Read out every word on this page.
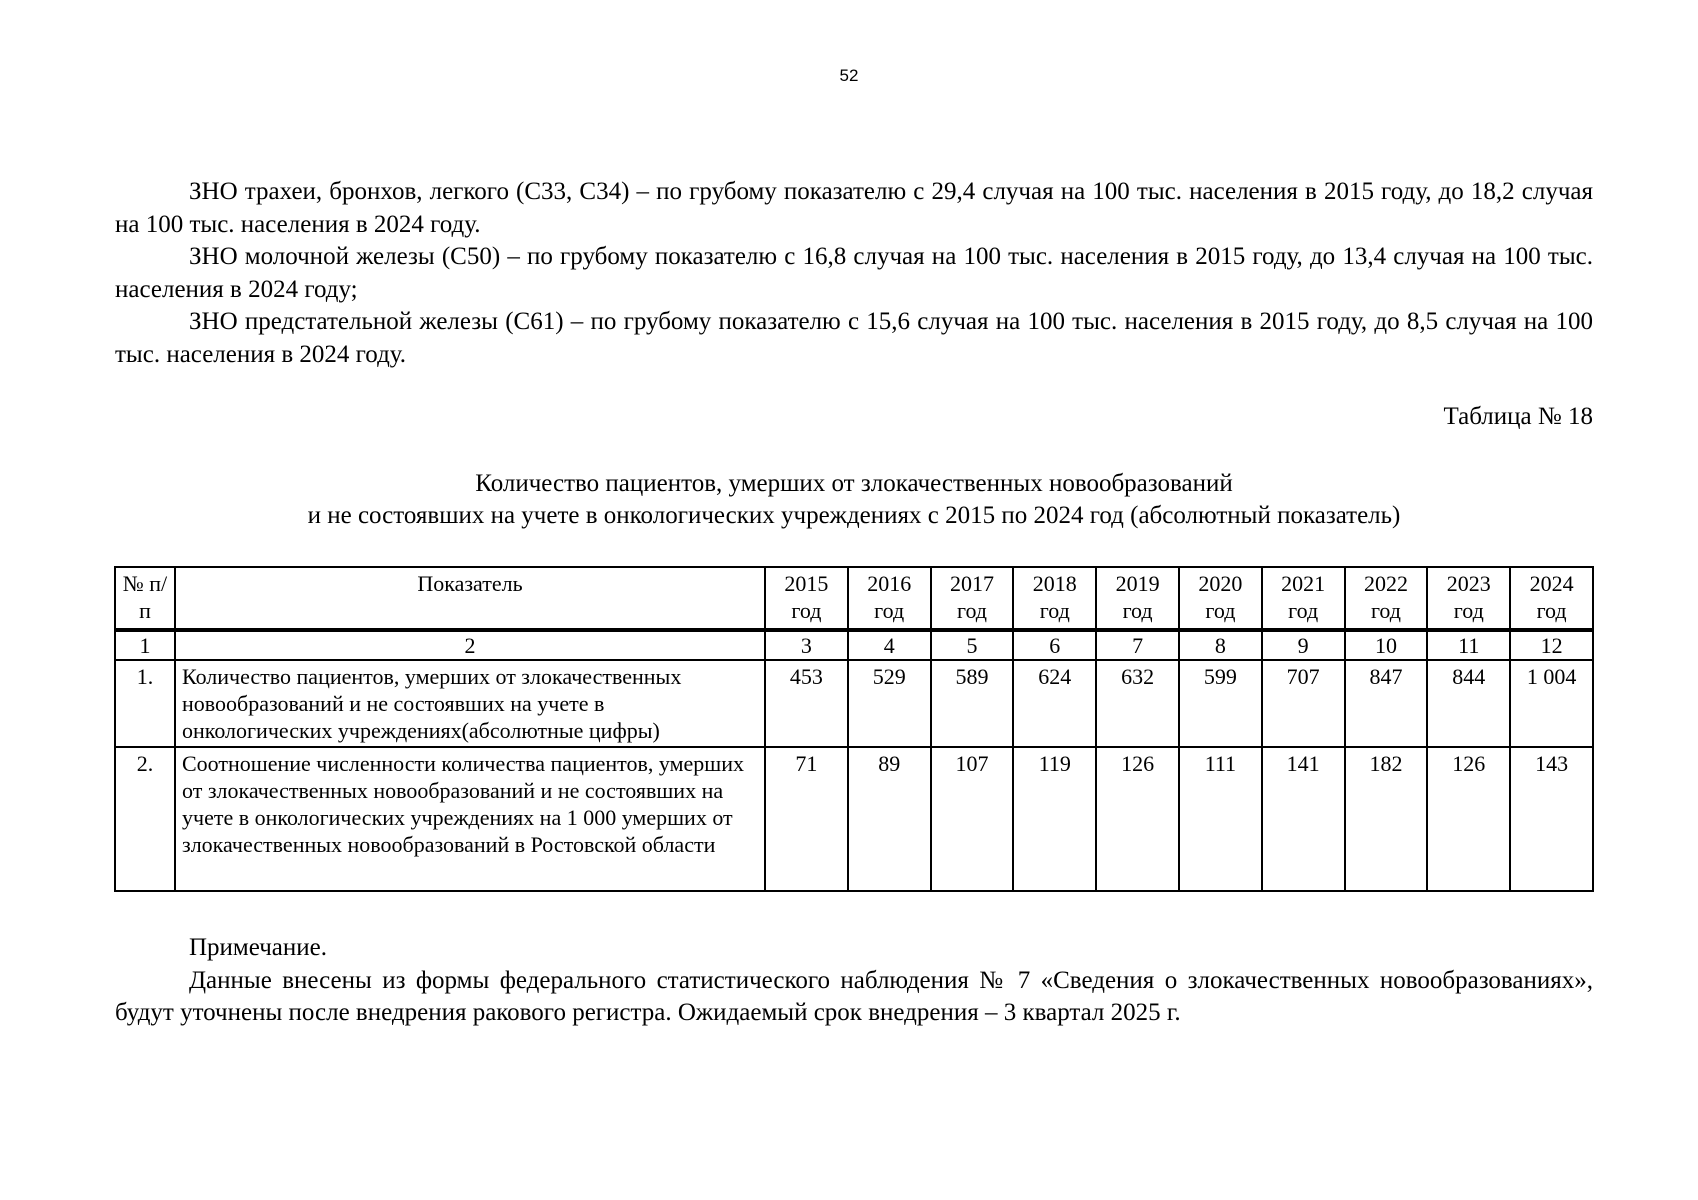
52

ЗНО трахеи, бронхов, легкого (С33, С34) – по грубому показателю с 29,4 случая на 100 тыс. населения в 2015 году, до 18,2 случая на 100 тыс. населения в 2024 году.

ЗНО молочной железы (С50) – по грубому показателю с 16,8 случая на 100 тыс. населения в 2015 году, до 13,4 случая на 100 тыс. населения в 2024 году;

ЗНО предстательной железы (С61) – по грубому показателю с 15,6 случая на 100 тыс. населения в 2015 году, до 8,5 случая на 100 тыс. населения в 2024 году.

Таблица № 18
Количество пациентов, умерших от злокачественных новообразований
и не состоявших на учете в онкологических учреждениях с 2015 по 2024 год (абсолютный показатель)
№ п/п	Показатель	2015 год	2016 год	2017 год	2018 год	2019 год	2020 год	2021 год	2022 год	2023 год	2024 год
1	2	3	4	5	6	7	8	9	10	11	12
1.	Количество пациентов, умерших от злокачественных новообразований и не состоявших на учете в онкологических учреждениях(абсолютные цифры)	453	529	589	624	632	599	707	847	844	1 004
2.	Соотношение численности количества пациентов, умерших от злокачественных новообразований и не состоявших на учете в онкологических учреждениях на 1 000 умерших от злокачественных новообразований в Ростовской области	71	89	107	119	126	111	141	182	126	143

Примечание.

Данные внесены из формы федерального статистического наблюдения № 7 «Сведения о злокачественных новообразованиях», будут уточнены после внедрения ракового регистра. Ожидаемый срок внедрения – 3 квартал 2025 г.
